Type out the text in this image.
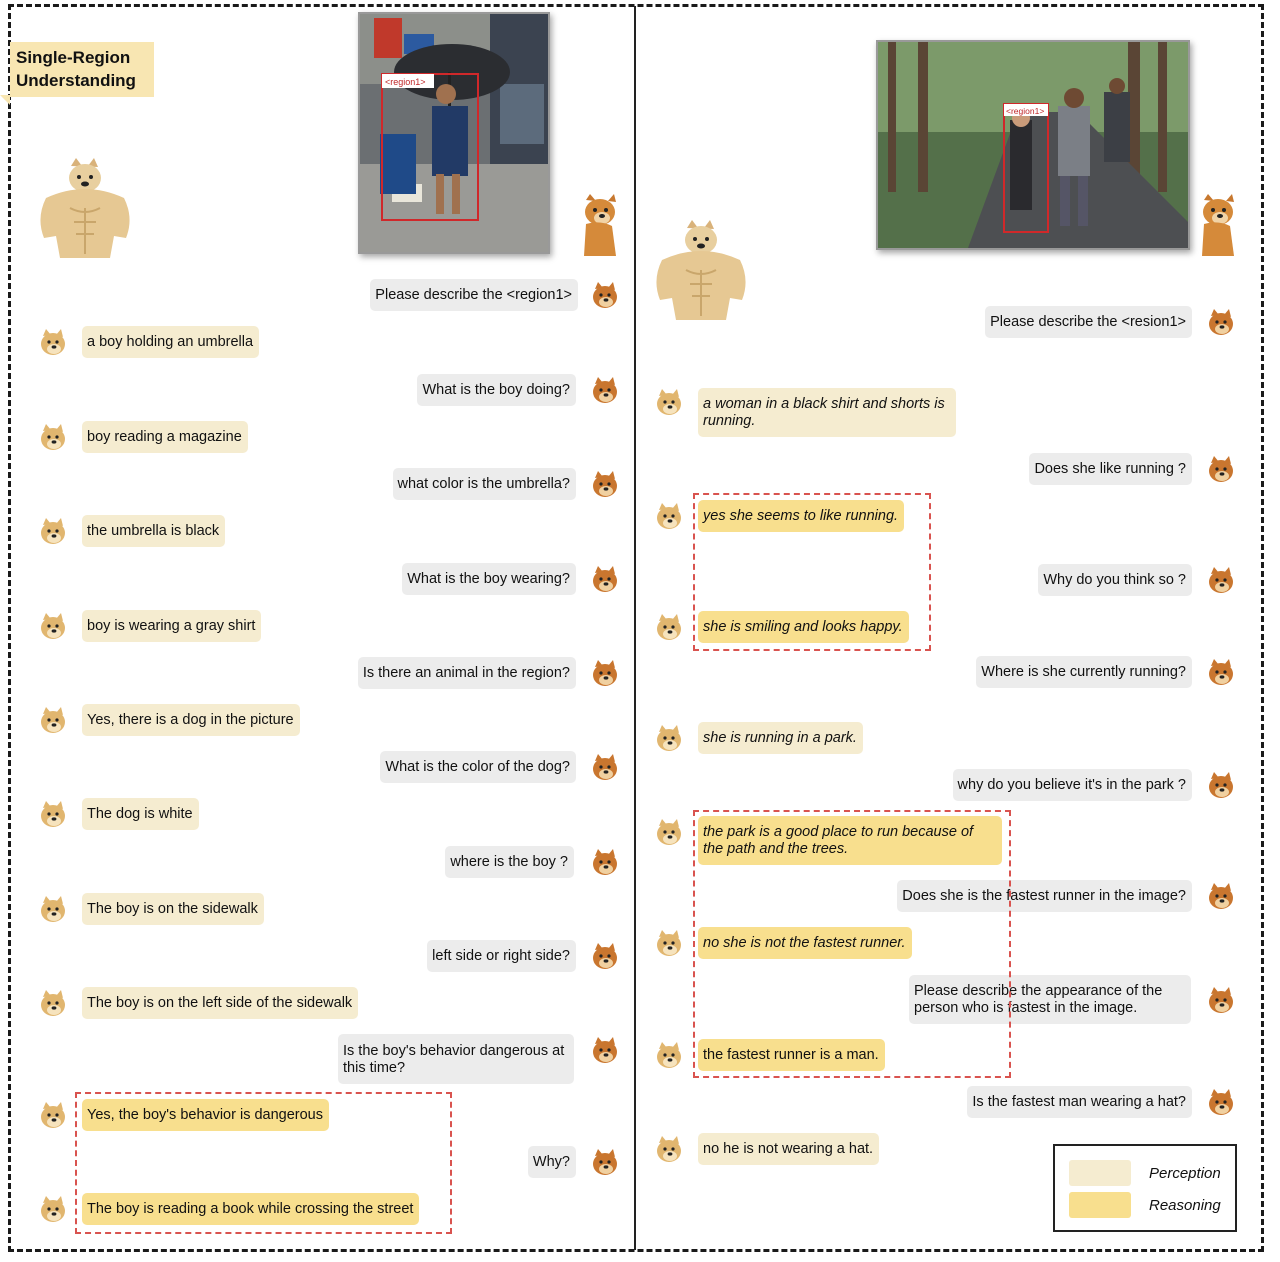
Single-Region Understanding	<region1>
<region1>
Please describe the <region1>
a boy holding an umbrella
What is the boy doing?
boy reading a magazine
what color is the umbrella?
the umbrella is black
What is the boy wearing?
boy is wearing a gray shirt
Is there an animal in the region?
Yes, there is a dog in the picture
What is the color of the dog?
The dog is white
where is the boy ?
The boy is on the sidewalk
left side or right side?
The boy is on the left side of the sidewalk
Is the boy's behavior dangerous at this time?
Yes, the boy's behavior is dangerous
Why?
The boy is reading a book while crossing the street
Please describe the <resion1>
a woman in a black shirt and shorts is running.
Does she like running ?
yes she seems to like running.
Why do you think so ?
she is smiling and looks happy.
Where is she currently running?
she is running in a park.
why do you believe it's in the park ?
the park is a good place to run because of the path and the trees.
Does she is the fastest runner in the image?
no she is not the fastest runner.
Please describe the appearance of the person who is fastest in the image.
the fastest runner is a man.
Is the fastest man wearing a hat?
no he is not wearing a hat.
Perception
Reasoning
